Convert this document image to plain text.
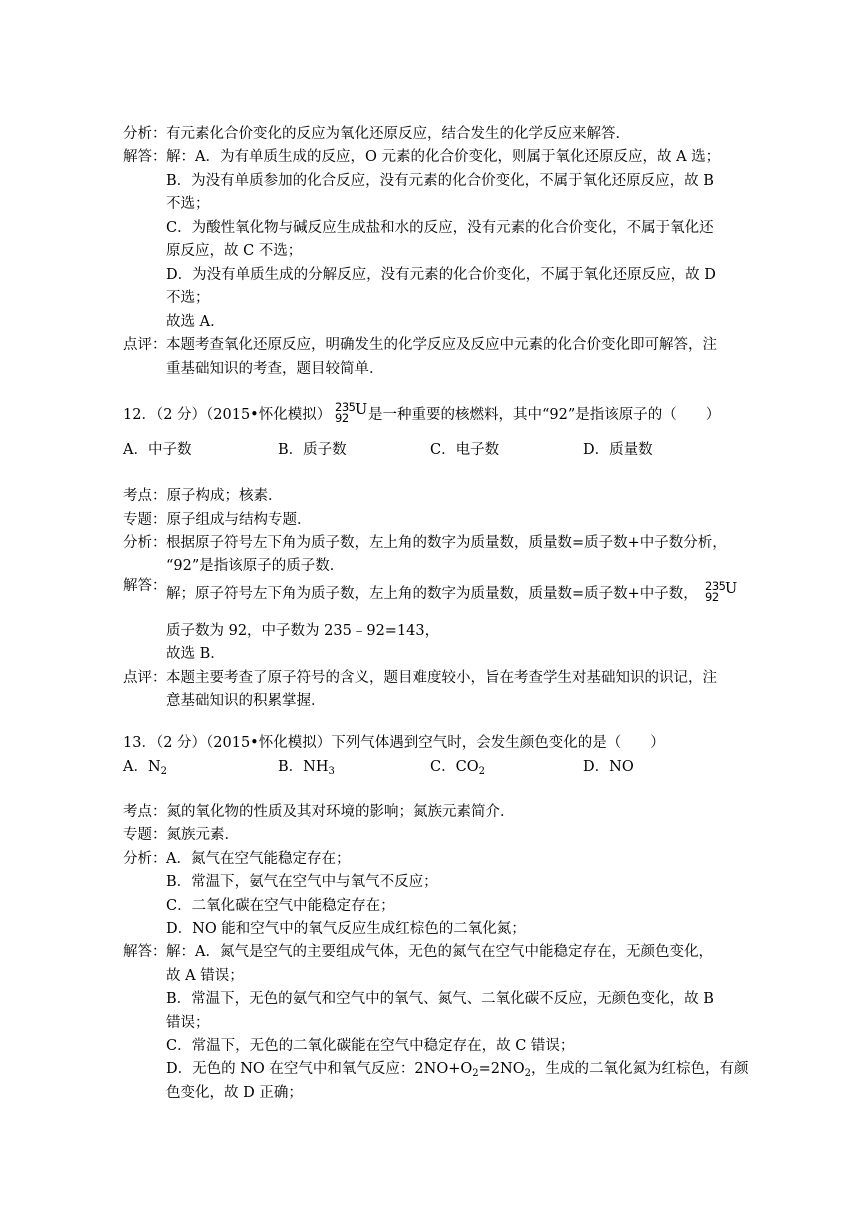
分析： 有元素化合价变化的反应为氧化还原反应，结合发生的化学反应来解答．
解答： 解：A．为有单质生成的反应，O 元素的化合价变化，则属于氧化还原反应，故 A 选；
B．为没有单质参加的化合反应，没有元素的化合价变化，不属于氧化还原反应，故 B
不选；
C．为酸性氧化物与碱反应生成盐和水的反应，没有元素的化合价变化，不属于氧化还
原反应，故 C 不选；
D．为没有单质生成的分解反应，没有元素的化合价变化，不属于氧化还原反应，故 D
不选；
故选 A．
点评： 本题考查氧化还原反应，明确发生的化学反应及反应中元素的化合价变化即可解答，注
重基础知识的考查，题目较简单．
12．（2 分）（2015•怀化模拟） 235
92 U 是一种重要的核燃料，其中“92”是指该原子的（　　）
A．中子数	B．质子数	C．电子数	D．质量数
考点：原子构成；核素．
专题：原子组成与结构专题．
分析： 根据原子符号左下角为质子数，左上角的数字为质量数，质量数=质子数+中子数分析，
“92”是指该原子的质子数．
解答： 解；原子符号左下角为质子数，左上角的数字为质量数，质量数=质子数+中子数， 235
92 U
质子数为 92，中子数为 235﹣92=143，
故选 B．
点评： 本题主要考查了原子符号的含义，题目难度较小，旨在考查学生对基础知识的识记，注
意基础知识的积累掌握．
13．（2 分）（2015•怀化模拟）下列气体遇到空气时，会发生颜色变化的是（　　）
A．$N_2$	B．$NH_3$	C．$CO_2$	D．NO
考点：氮的氧化物的性质及其对环境的影响；氮族元素简介．
专题：氮族元素．
分析： A．氮气在空气能稳定存在；
B．常温下，氨气在空气中与氧气不反应；
C．二氧化碳在空气中能稳定存在；
D．NO 能和空气中的氧气反应生成红棕色的二氧化氮；
解答： 解：A．氮气是空气的主要组成气体，无色的氮气在空气中能稳定存在，无颜色变化，
故 A 错误；
B．常温下，无色的氨气和空气中的氧气、氮气、二氧化碳不反应，无颜色变化，故 B
错误；
C．常温下，无色的二氧化碳能在空气中稳定存在，故 C 错误；
D．无色的 NO 在空气中和氧气反应：$2NO+O_2=2NO_2$，生成的二氧化氮为红棕色，有颜
色变化，故 D 正确；
